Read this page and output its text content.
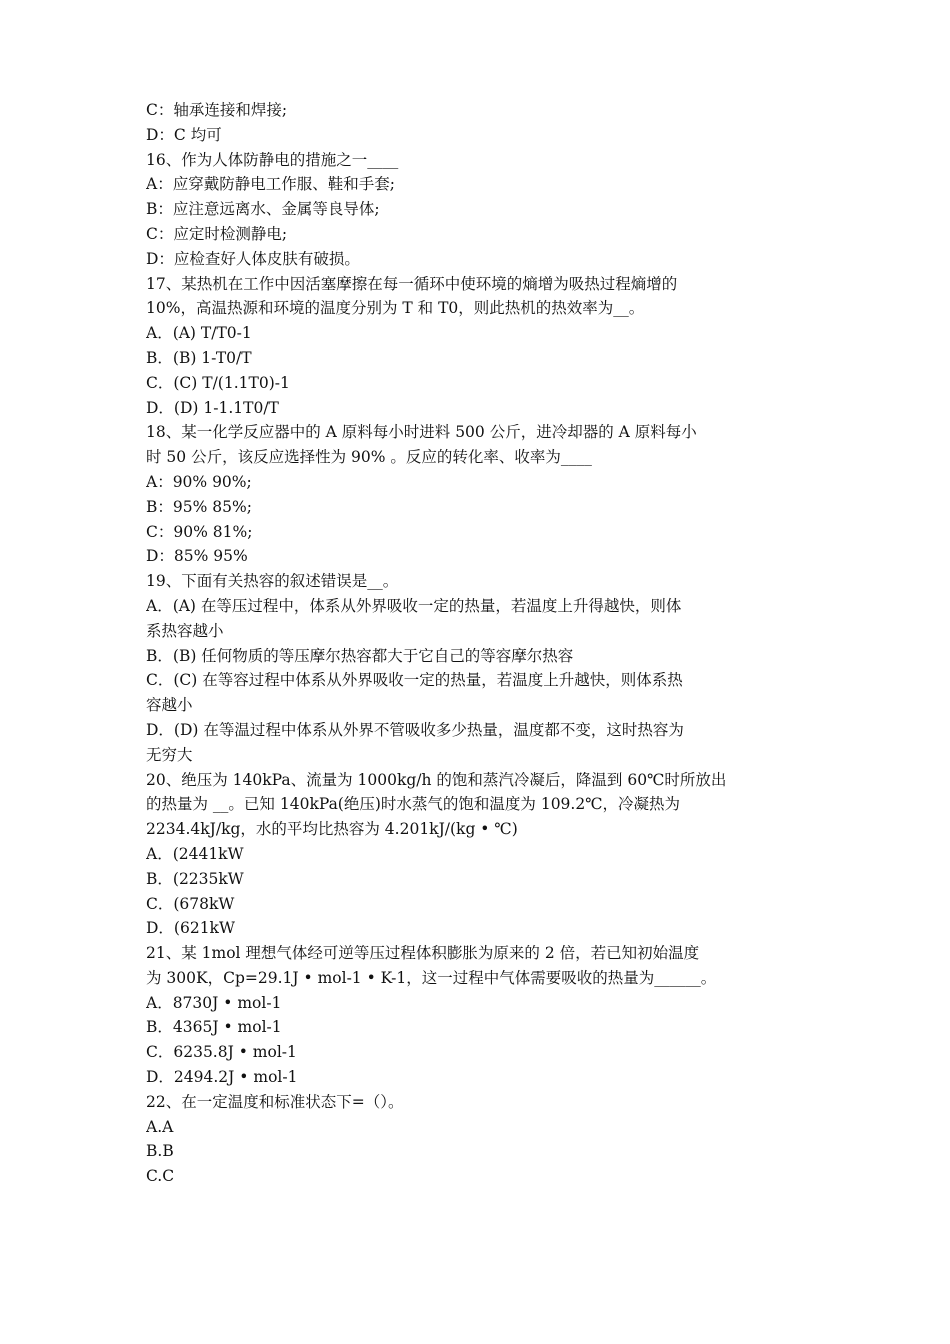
C：轴承连接和焊接;
D：C 均可
16、作为人体防静电的措施之一____
A：应穿戴防静电工作服、鞋和手套;
B：应注意远离水、金属等良导体;
C：应定时检测静电;
D：应检查好人体皮肤有破损。
17、某热机在工作中因活塞摩擦在每一循环中使环境的熵增为吸热过程熵增的
10%，高温热源和环境的温度分别为 T 和 T0，则此热机的热效率为__。
A．(A) T/T0-1
B．(B) 1-T0/T
C．(C) T/(1.1T0)-1
D．(D) 1-1.1T0/T
18、某一化学反应器中的 A 原料每小时进料 500 公斤，进冷却器的 A 原料每小
时 50 公斤，该反应选择性为 90% 。反应的转化率、收率为____
A：90% 90%;
B：95% 85%;
C：90% 81%;
D：85% 95%
19、下面有关热容的叙述错误是__。
A．(A) 在等压过程中，体系从外界吸收一定的热量，若温度上升得越快，则体
系热容越小
B．(B) 任何物质的等压摩尔热容都大于它自己的等容摩尔热容
C．(C) 在等容过程中体系从外界吸收一定的热量，若温度上升越快，则体系热
容越小
D．(D) 在等温过程中体系从外界不管吸收多少热量，温度都不变，这时热容为
无穷大
20、绝压为 140kPa、流量为 1000kg/h 的饱和蒸汽冷凝后，降温到 60℃时所放出
的热量为 __。已知 140kPa(绝压)时水蒸气的饱和温度为 109.2℃，冷凝热为
2234.4kJ/kg，水的平均比热容为 4.201kJ/(kg • ℃)
A．(2441kW
B．(2235kW
C．(678kW
D．(621kW
21、某 1mol 理想气体经可逆等压过程体积膨胀为原来的 2 倍，若已知初始温度
为 300K，Cp=29.1J • mol-1 • K-1，这一过程中气体需要吸收的热量为______。
A．8730J • mol-1
B．4365J • mol-1
C．6235.8J • mol-1
D．2494.2J • mol-1
22、在一定温度和标准状态下=（）。
A.A
B.B
C.C
